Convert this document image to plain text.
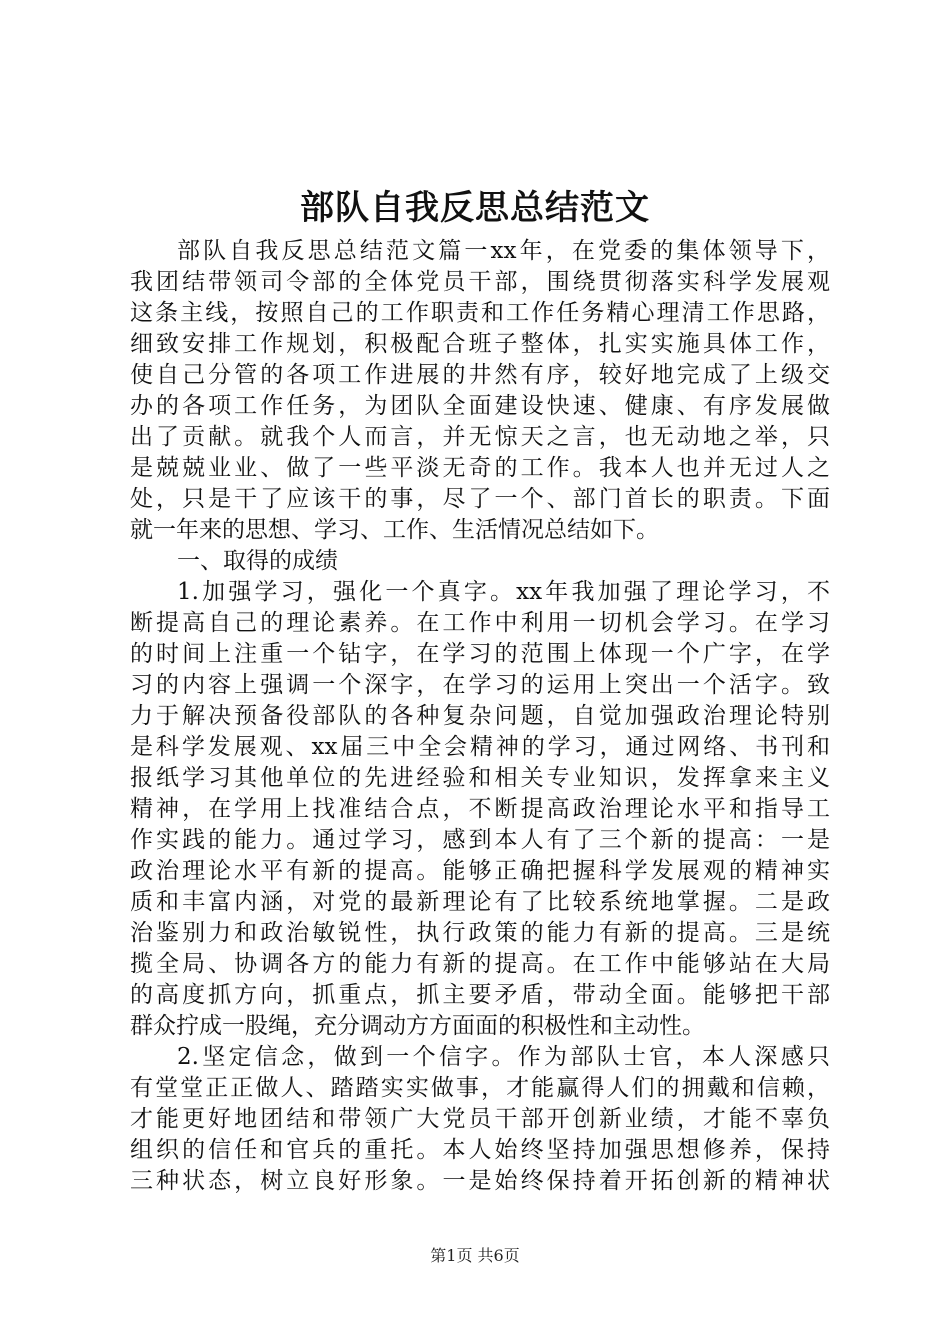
部队自我反思总结范文

部队自我反思总结范文篇一xx年，在党委的集体领导下，
我团结带领司令部的全体党员干部，围绕贯彻落实科学发展观
这条主线，按照自己的工作职责和工作任务精心理清工作思路，
细致安排工作规划，积极配合班子整体，扎实实施具体工作，
使自己分管的各项工作进展的井然有序，较好地完成了上级交
办的各项工作任务，为团队全面建设快速、健康、有序发展做
出了贡献。就我个人而言，并无惊天之言，也无动地之举，只
是兢兢业业、做了一些平淡无奇的工作。我本人也并无过人之
处，只是干了应该干的事，尽了一个、部门首长的职责。下面
就一年来的思想、学习、工作、生活情况总结如下。

一、取得的成绩

1.加强学习，强化一个真字。xx年我加强了理论学习，不
断提高自己的理论素养。在工作中利用一切机会学习。在学习
的时间上注重一个钻字，在学习的范围上体现一个广字，在学
习的内容上强调一个深字，在学习的运用上突出一个活字。致
力于解决预备役部队的各种复杂问题，自觉加强政治理论特别
是科学发展观、xx届三中全会精神的学习，通过网络、书刊和
报纸学习其他单位的先进经验和相关专业知识，发挥拿来主义
精神，在学用上找准结合点，不断提高政治理论水平和指导工
作实践的能力。通过学习，感到本人有了三个新的提高：一是
政治理论水平有新的提高。能够正确把握科学发展观的精神实
质和丰富内涵，对党的最新理论有了比较系统地掌握。二是政
治鉴别力和政治敏锐性，执行政策的能力有新的提高。三是统
揽全局、协调各方的能力有新的提高。在工作中能够站在大局
的高度抓方向，抓重点，抓主要矛盾，带动全面。能够把干部
群众拧成一股绳，充分调动方方面面的积极性和主动性。

2.坚定信念，做到一个信字。作为部队士官，本人深感只
有堂堂正正做人、踏踏实实做事，才能赢得人们的拥戴和信赖，
才能更好地团结和带领广大党员干部开创新业绩，才能不辜负
组织的信任和官兵的重托。本人始终坚持加强思想修养，保持
三种状态，树立良好形象。一是始终保持着开拓创新的精神状

第1页 共6页
